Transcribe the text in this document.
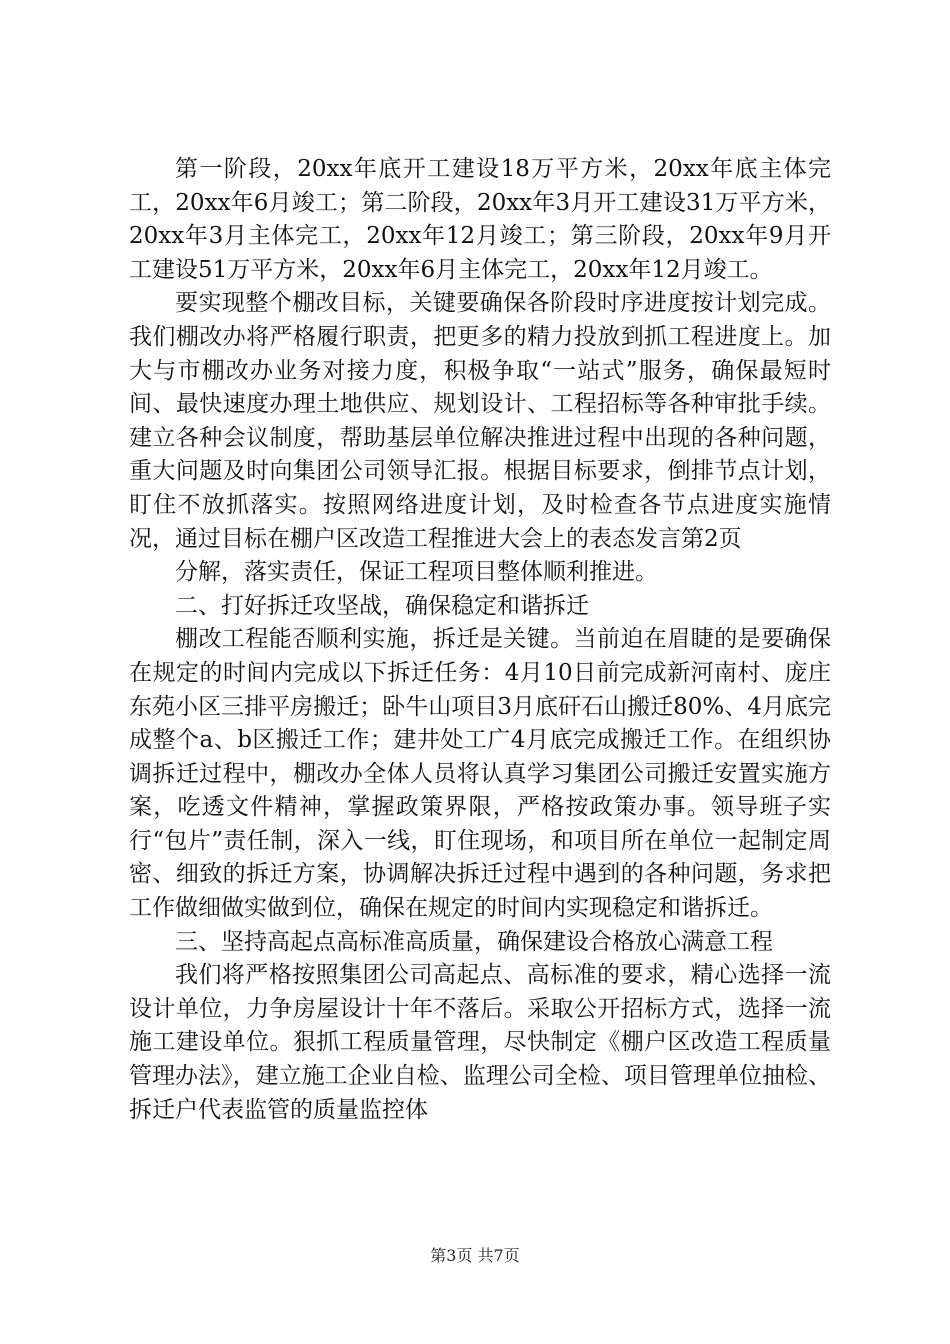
第一阶段，20xx年底开工建设18万平方米，20xx年底主体完工，20xx年6月竣工；第二阶段，20xx年3月开工建设31万平方米，20xx年3月主体完工，20xx年12月竣工；第三阶段，20xx年9月开工建设51万平方米，20xx年6月主体完工，20xx年12月竣工。

要实现整个棚改目标，关键要确保各阶段时序进度按计划完成。我们棚改办将严格履行职责，把更多的精力投放到抓工程进度上。加大与市棚改办业务对接力度，积极争取“一站式”服务，确保最短时间、最快速度办理土地供应、规划设计、工程招标等各种审批手续。建立各种会议制度，帮助基层单位解决推进过程中出现的各种问题，重大问题及时向集团公司领导汇报。根据目标要求，倒排节点计划，盯住不放抓落实。按照网络进度计划，及时检查各节点进度实施情况，通过目标在棚户区改造工程推进大会上的表态发言第2页

分解，落实责任，保证工程项目整体顺利推进。

二、打好拆迁攻坚战，确保稳定和谐拆迁

棚改工程能否顺利实施，拆迁是关键。当前迫在眉睫的是要确保在规定的时间内完成以下拆迁任务：4月10日前完成新河南村、庞庄东苑小区三排平房搬迁；卧牛山项目3月底矸石山搬迁80%、4月底完成整个a、b区搬迁工作；建井处工广4月底完成搬迁工作。在组织协调拆迁过程中，棚改办全体人员将认真学习集团公司搬迁安置实施方案，吃透文件精神，掌握政策界限，严格按政策办事。领导班子实行“包片”责任制，深入一线，盯住现场，和项目所在单位一起制定周密、细致的拆迁方案，协调解决拆迁过程中遇到的各种问题，务求把工作做细做实做到位，确保在规定的时间内实现稳定和谐拆迁。

三、坚持高起点高标准高质量，确保建设合格放心满意工程

我们将严格按照集团公司高起点、高标准的要求，精心选择一流设计单位，力争房屋设计十年不落后。采取公开招标方式，选择一流施工建设单位。狠抓工程质量管理，尽快制定《棚户区改造工程质量管理办法》，建立施工企业自检、监理公司全检、项目管理单位抽检、拆迁户代表监管的质量监控体

第3页 共7页
